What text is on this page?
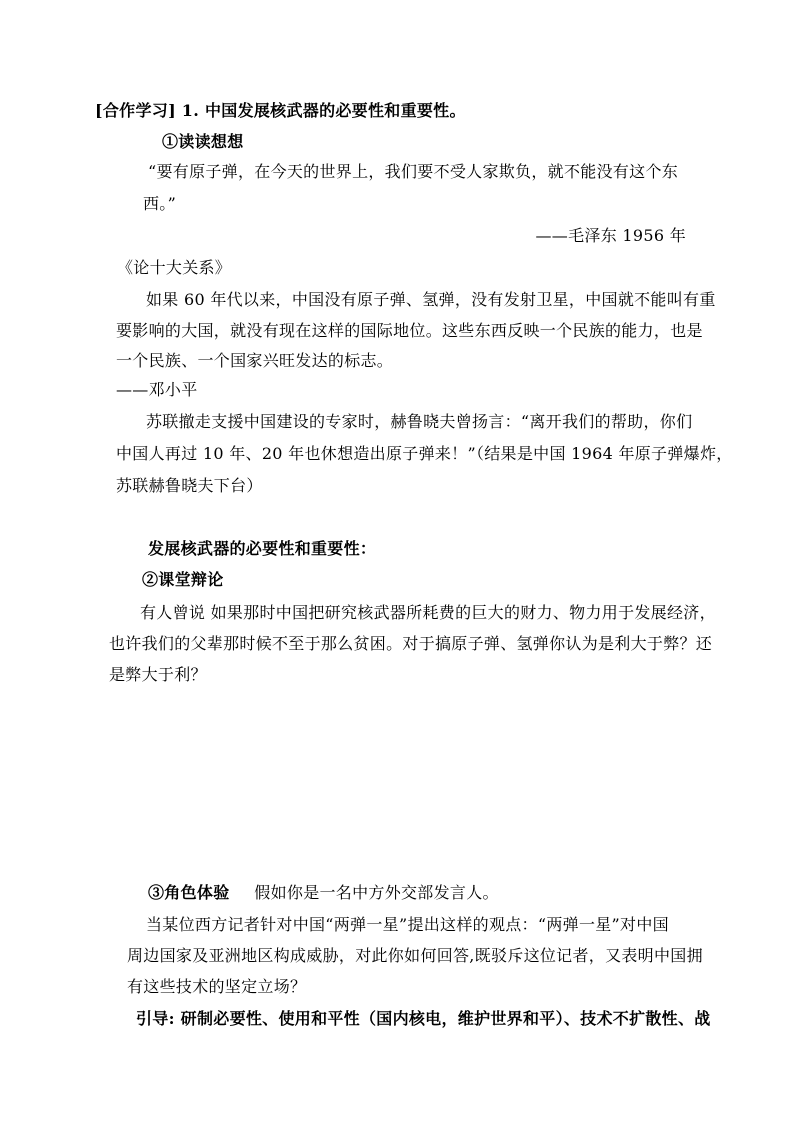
[合作学习] 1. 中国发展核武器的必要性和重要性。
①读读想想
“要有原子弹，在今天的世界上，我们要不受人家欺负，就不能没有这个东
西。”
——毛泽东 1956 年
《论十大关系》
如果 60 年代以来，中国没有原子弹、氢弹，没有发射卫星，中国就不能叫有重
要影响的大国，就没有现在这样的国际地位。这些东西反映一个民族的能力，也是
一个民族、一个国家兴旺发达的标志。
——邓小平
苏联撤走支援中国建设的专家时，赫鲁晓夫曾扬言：“离开我们的帮助，你们
中国人再过 10 年、20 年也休想造出原子弹来！”（结果是中国 1964 年原子弹爆炸，
苏联赫鲁晓夫下台）
发展核武器的必要性和重要性：
②课堂辩论
有人曾说 如果那时中国把研究核武器所耗费的巨大的财力、物力用于发展经济，
也许我们的父辈那时候不至于那么贫困。对于搞原子弹、氢弹你认为是利大于弊？还
是弊大于利？
③角色体验 假如你是一名中方外交部发言人。
当某位西方记者针对中国“两弹一星”提出这样的观点：“两弹一星”对中国
周边国家及亚洲地区构成威胁，对此你如何回答,既驳斥这位记者，又表明中国拥
有这些技术的坚定立场？
引导: 研制必要性、使用和平性（国内核电，维护世界和平）、技术不扩散性、战
